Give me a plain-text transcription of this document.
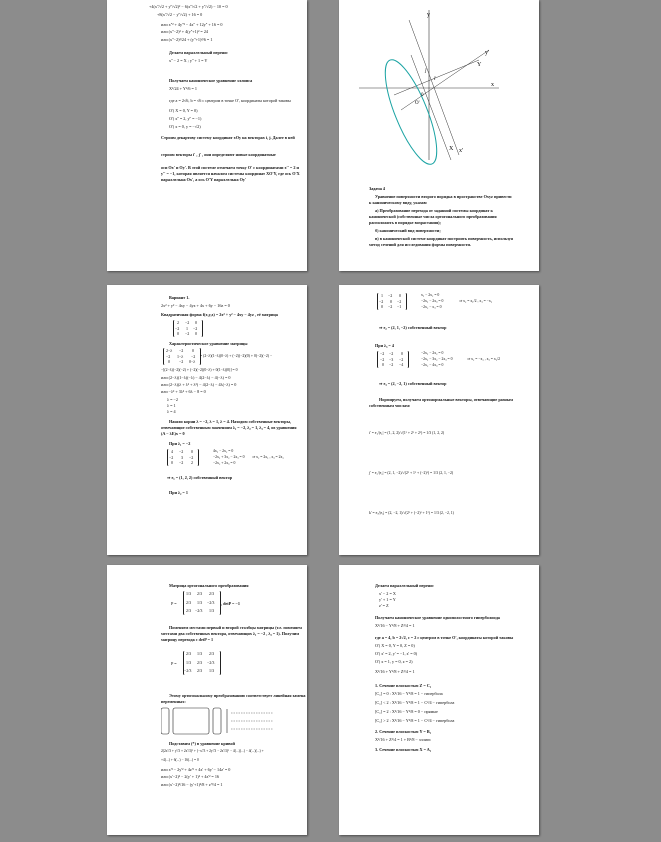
+4(x''/√2 + y''/√2)² − 6(x''/√2 + y''/√2) − 10 = 0
+8(x''/√2 − y''/√2) + 16 = 0
или x''² + 4y''² − 4x'' + 12y'' + 16 = 0
или (x''−2)² + 4(y''+1)² = 24
или (x''−2)²/24 + (y''+1)²/6 = 1
Делаем параллельный перенос
x'' − 2 = X ; y'' + 1 = Y
Получаем каноническое уравнение эллипса
X²/24 + Y²/6 = 1
где a = 2√6, b = √6 с центром в точке O', координаты которой таковы
O'( X = 0, Y = 0)
O'( x'' = 2, y'' = −1)
O'( x = 0, y = −√2)
Строим декартову систему координат xOy на векторах i, j. Далее в ней
строим векторы i' , j' , они определяют новые координатные
оси Ox' и Oy'. В этой системе отмечаем точку O' с координатами x'' = 2 и
y'' = −1, которая является началом системы координат XO'Y, где ось O'X
параллельна Ox', а ось O'Y параллельна Oy'
y
y'
x'
x
X
Y
0
O'
i'
j'
Задача 4
Уравнение поверхности второго порядка в пространстве Oxyz привести
к каноническому виду, указав:
а) Преобразование перехода от заданной системы координат к
канонической (собственные числа ортогонального преобразования
расположить в порядке возрастания);
б) канонический вид поверхности;
в) в канонической системе координат построить поверхность, используя
метод сечений для исследования формы поверхности.
Вариант 1.
2x² + y² − 4xy − 4yz + 4x + 6y − 16z = 0
Квадратичная форма f(x,y,z) = 2x² + y² − 4xy − 4yz , её матрица
2 −2 0
−2 1 −2
0 −2 0
Характеристическое уравнение матрицы
2−λ −2 0
−2 1−λ −2
0 −2 0−λ
= (2−λ)(1−λ)(0−λ) + (−2)(−2)(0) + 0(−2)(−2) −
−[(2−λ)(−2)(−2) + (−2)(−2)(0−λ) + 0(1−λ)(0)] = 0
или (2−λ)(1−λ)(−λ) − 4(2−λ) − 4(−λ) = 0
или (2−λ)(λ + λ² + λ³) − 4(2−λ) − 4λ(−λ) = 0
или −λ³ + 3λ² + 6λ − 8 = 0
λ = −2
λ = 1
λ = 4
Нашли корни λ = −2, λ = 1, λ = 4. Находим собственные векторы,
отвечающие собственным значениям λ₁ = −2, λ₂ = 1, λ₃ = 4, из уравнения
(A − λE)x = 0
При λ₁ = −2
4 −2 0
−2 3 −2
0 −2 2
4x₁ − 2x₂ = 0
−2x₁ + 3x₂ − 2x₃ = 0
−2x₂ + 2x₃ = 0
⇒ x₂ = 2x₁ , x₃ = 2x₁
⇒ e₁ = (1, 2, 2) собственный вектор
При λ₂ = 1
1 −2 0
−2 0 −2
0 −2 −1
x₁ − 2x₂ = 0
−2x₁ − 2x₃ = 0
−2x₂ − x₃ = 0
⇒ x₂ = x₁/2 , x₃ = −x₁
⇒ e₂ = (2, 1, −2) собственный вектор
При λ₃ = 4
−2 −2 0
−2 −3 −2
0 −2 −4
−2x₁ − 2x₂ = 0
−2x₁ − 3x₂ − 2x₃ = 0
−2x₂ − 4x₃ = 0
⇒ x₂ = −x₁ , x₃ = x₁/2
⇒ e₃ = (2, −2, 1) собственный вектор
Нормируем, получаем ортонормальные векторы, отвечающие разным
собственным числам:
i' = e₁/|e₁| = (1, 2, 2)/√(1² + 2² + 2²) = 1/3 (1, 2, 2)
j' = e₂/|e₂| = (2, 1, −2)/√(2² + 1² + (−2)²) = 1/3 (2, 1, −2)
k' = e₃/|e₃| = (2, −2, 1)/√(2² + (−2)² + 1²) = 1/3 (2, −2, 1)
Матрица ортогонального преобразования
P =
1/3 2/3 2/3
2/3 1/3 −2/3
2/3 −2/3 1/3
, detP = −1
Поменяем местами первый и второй столбцы матрицы (т.е. поменяем
местами два собственных вектора, отвечающих λ₁ = −2 , λ₂ = 1). Получим
матрицу перехода с detP = 1
P =
2/3 1/3 2/3
1/3 2/3 −2/3
−2/3 2/3 1/3
Этому ортогональному преобразованию соответствует линейная замена
переменных:
Подставим (*) в уравнение кривой
2(2x'/3 + y'/3 + 2z'/3)² + (−x'/3 + 2y'/3 − 2z'/3)² − 4(...)(...) − 4(...)(...) +
+4(...) + 6(...) − 16(...) = 0
или x'² − 2y'² + 4z'² + 4x' + 6y' − 14z' = 0
или (x'−2)² − 2(y' + 1)² + 4z'² = 16
или (x'−2)²/16 − (y'+1)²/8 + z'²/4 = 1
Делаем параллельный перенос
x' − 2 = X
y' + 1 = Y
z' = Z
Получаем каноническое уравнение однополостного гиперболоида
X²/16 − Y²/8 + Z²/4 = 1
где a = 4, b = 2√2, c = 2 с центром в точке O', координаты которой таковы
O'( X = 0, Y = 0, Z = 0)
O'( x' = 2, y' = −1, z' = 0)
O'( x = 1, y = 0, z = 2)
X²/16 + Y²/8 + Z²/4 = 1
1. Сечение плоскостью Z = C₁
[C₁] = 0 : X²/16 − Y²/8 = 1 − гипербола
[C₁] < 2 : X²/16 − Y²/8 = 1 − C²/4 − гипербола
[C₁] = 2 : X²/16 − Y²/8 = 0 − прямые
[C₁] > 2 : X²/16 − Y²/8 = 1 − C²/4 − гипербола
2. Сечение плоскостью Y = B₁
X²/16 + Z²/4 = 1 + B²/8 − эллипс
3. Сечение плоскостью X = A₁
